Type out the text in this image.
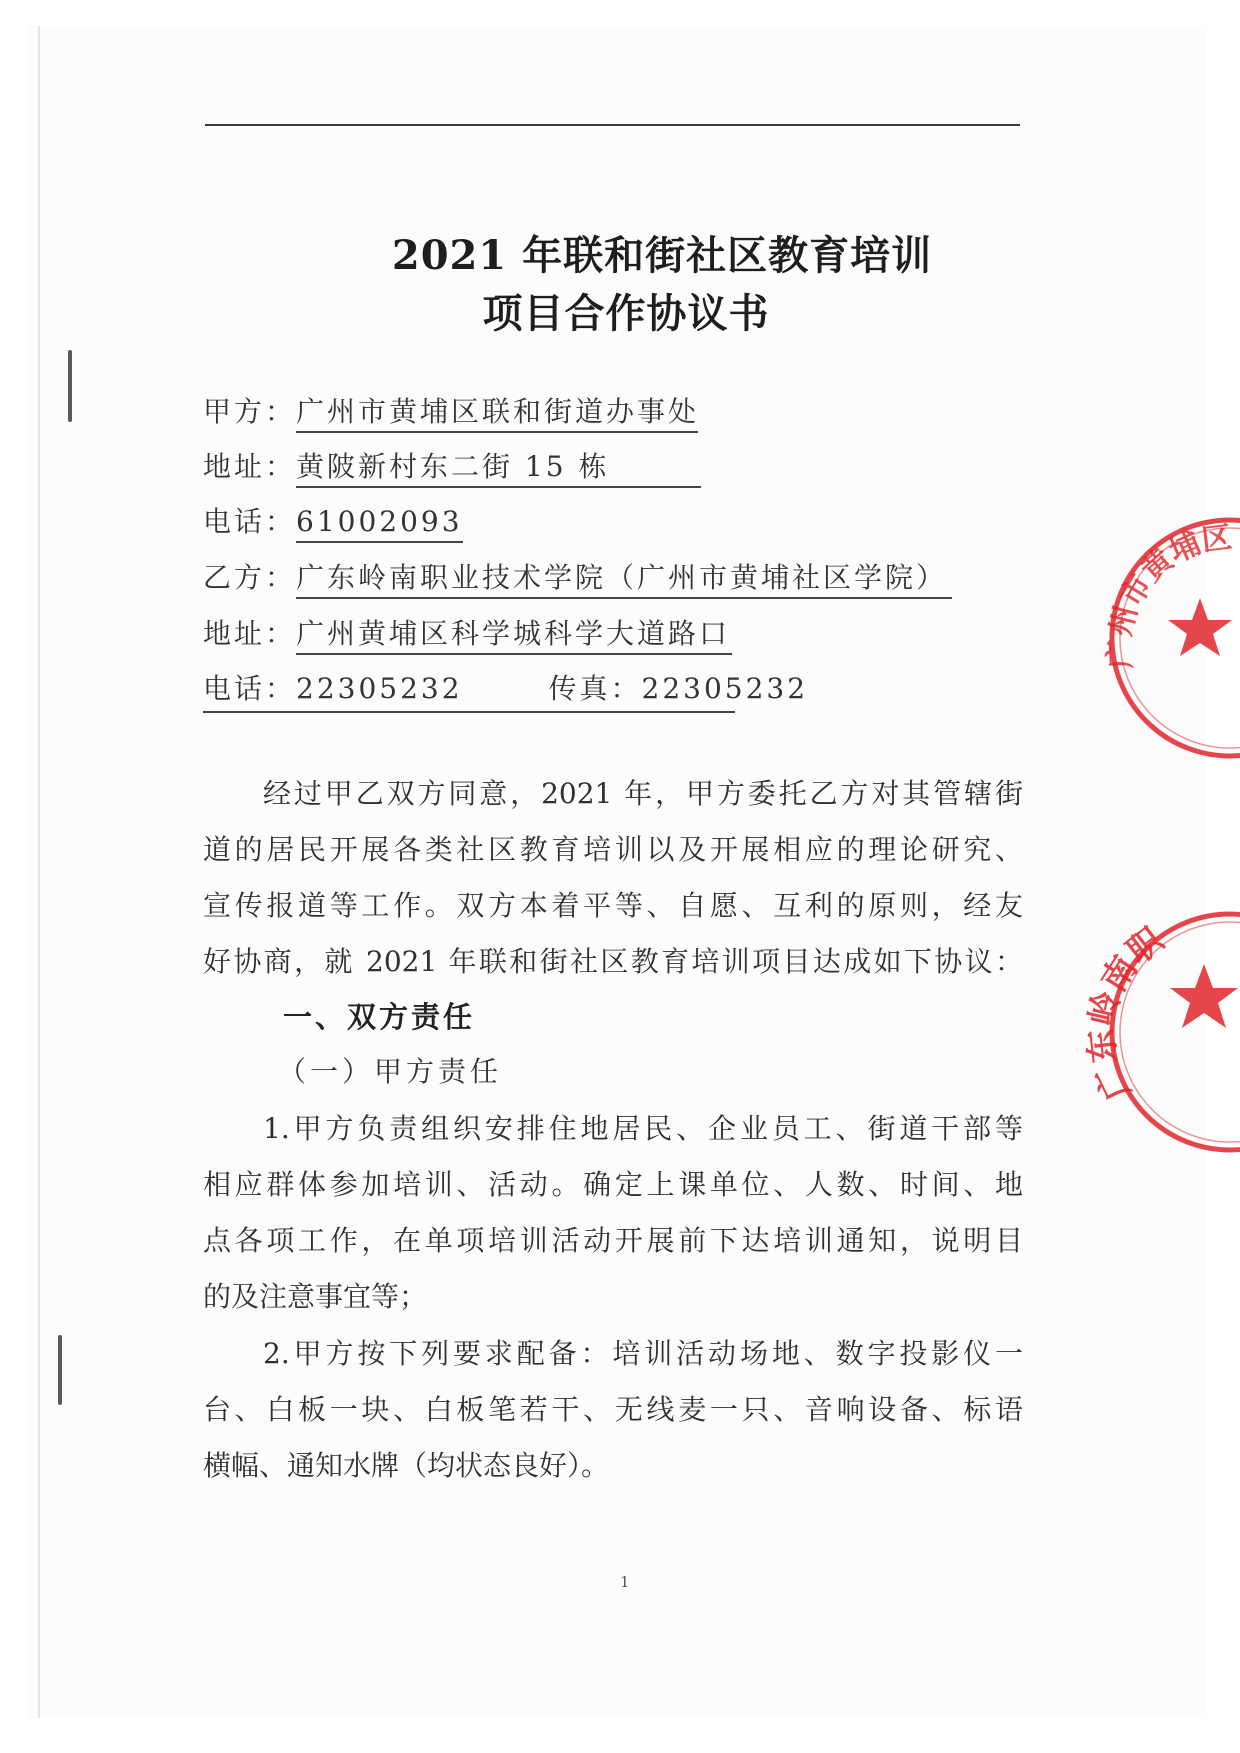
2021 年联和街社区教育培训
项目合作协议书
甲方：广州市黄埔区联和街道办事处
地址：黄陂新村东二街 15 栋
电话：61002093
乙方：广东岭南职业技术学院（广州市黄埔社区学院）
地址：广州黄埔区科学城科学大道路口
电话：22305232	传真：22305232
经过甲乙双方同意，2021 年，甲方委托乙方对其管辖街
道的居民开展各类社区教育培训以及开展相应的理论研究、
宣传报道等工作。双方本着平等、自愿、互利的原则，经友
好协商，就 2021 年联和街社区教育培训项目达成如下协议：
一、双方责任
（一）甲方责任
1.甲方负责组织安排住地居民、企业员工、街道干部等
相应群体参加培训、活动。确定上课单位、人数、时间、地
点各项工作，在单项培训活动开展前下达培训通知，说明目
的及注意事宜等；
2.甲方按下列要求配备：培训活动场地、数字投影仪一
台、白板一块、白板笔若干、无线麦一只、音响设备、标语
横幅、通知水牌（均状态良好）。
1
广州市黄埔区
广东岭南职
